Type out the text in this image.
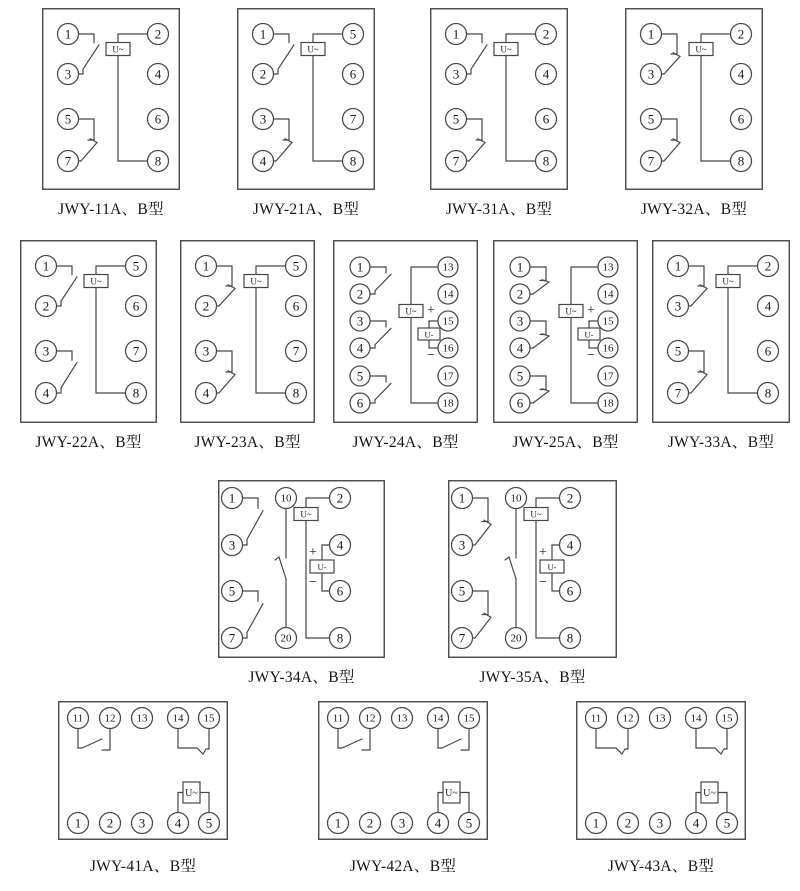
U~
1
3
5
7
2
4
6
8
JWY-11A、B型
U~
1
2
3
4
5
6
7
8
JWY-21A、B型
U~
1
3
5
7
2
4
6
8
JWY-31A、B型
U~
1
3
5
7
2
4
6
8
JWY-32A、B型
U~
1
2
3
4
5
6
7
8
JWY-22A、B型
U~
1
2
3
4
5
6
7
8
JWY-23A、B型
U~
U-
+
−
1
2
3
4
5
6
13
14
15
16
17
18
JWY-24A、B型
U~
U-
+
−
1
2
3
4
5
6
13
14
15
16
17
18
JWY-25A、B型
U~
1
3
5
7
2
4
6
8
JWY-33A、B型
U~
U-
+
−
1
3
5
7
10
20
2
4
6
8
JWY-34A、B型
U~
U-
+
−
1
3
5
7
10
20
2
4
6
8
JWY-35A、B型
U~
11 12 13 14 15
1 2 3 4 5
JWY-41A、B型
U~
11 12 13 14 15
1 2 3 4 5
JWY-42A、B型
U~
11 12 13 14 15
1 2 3 4 5
JWY-43A、B型
